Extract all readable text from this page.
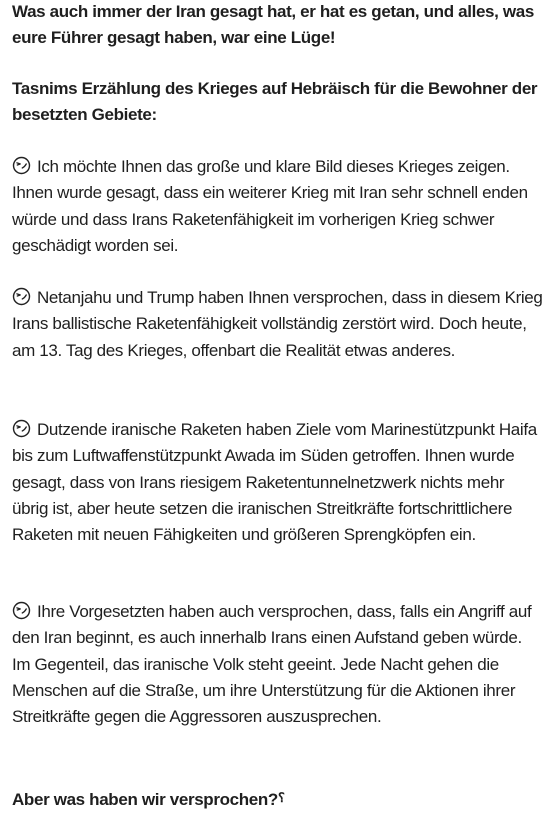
Was auch immer der Iran gesagt hat, er hat es getan, und alles, was eure Führer gesagt haben, war eine Lüge!

Tasnims Erzählung des Krieges auf Hebräisch für die Bewohner der besetzten Gebiete:

Ich möchte Ihnen das große und klare Bild dieses Krieges zeigen. Ihnen wurde gesagt, dass ein weiterer Krieg mit Iran sehr schnell enden würde und dass Irans Raketenfähigkeit im vorherigen Krieg schwer geschädigt worden sei.

Netanjahu und Trump haben Ihnen versprochen, dass in diesem Krieg Irans ballistische Raketenfähigkeit vollständig zerstört wird. Doch heute, am 13. Tag des Krieges, offenbart die Realität etwas anderes.

Dutzende iranische Raketen haben Ziele vom Marinestützpunkt Haifa bis zum Luftwaffenstützpunkt Awada im Süden getroffen. Ihnen wurde gesagt, dass von Irans riesigem Raketentunnelnetzwerk nichts mehr übrig ist, aber heute setzen die iranischen Streitkräfte fortschrittlichere Raketen mit neuen Fähigkeiten und größeren Sprengköpfen ein.

Ihre Vorgesetzten haben auch versprochen, dass, falls ein Angriff auf den Iran beginnt, es auch innerhalb Irans einen Aufstand geben würde. Im Gegenteil, das iranische Volk steht geeint. Jede Nacht gehen die Menschen auf die Straße, um ihre Unterstützung für die Aktionen ihrer Streitkräfte gegen die Aggressoren auszusprechen.

Aber was haben wir versprochen?⸮
